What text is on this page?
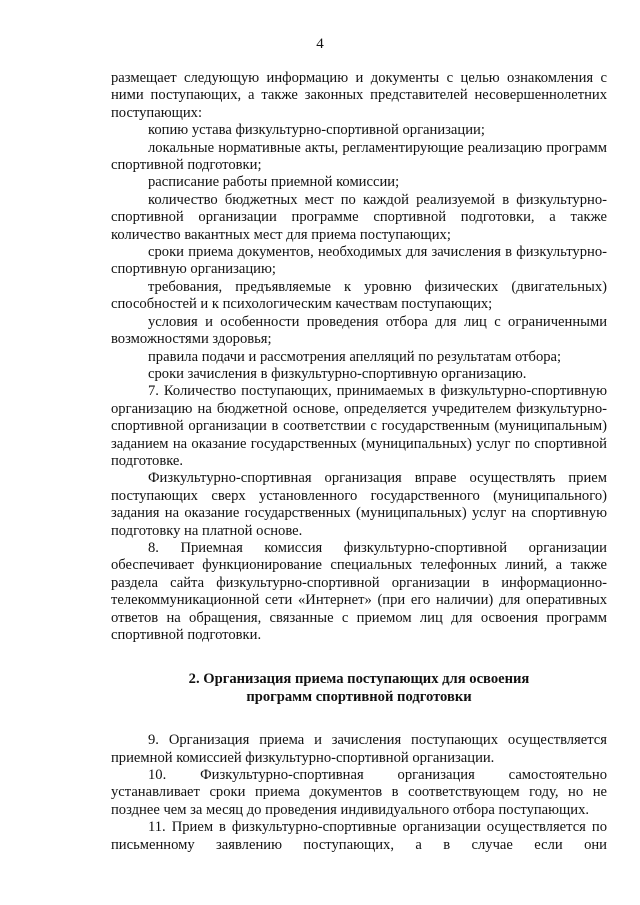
4

размещает следующую информацию и документы с целью ознакомления с ними поступающих, а также законных представителей несовершеннолетних поступающих:

копию устава физкультурно-спортивной организации;

локальные нормативные акты, регламентирующие реализацию программ спортивной подготовки;

расписание работы приемной комиссии;

количество бюджетных мест по каждой реализуемой в физкультурно-спортивной организации программе спортивной подготовки, а также количество вакантных мест для приема поступающих;

сроки приема документов, необходимых для зачисления в физкультурно-спортивную организацию;

требования, предъявляемые к уровню физических (двигательных) способностей и к психологическим качествам поступающих;

условия и особенности проведения отбора для лиц с ограниченными возможностями здоровья;

правила подачи и рассмотрения апелляций по результатам отбора;

сроки зачисления в физкультурно-спортивную организацию.

7. Количество поступающих, принимаемых в физкультурно-спортивную организацию на бюджетной основе, определяется учредителем физкультурно-спортивной организации в соответствии с государственным (муниципальным) заданием на оказание государственных (муниципальных) услуг по спортивной подготовке.

Физкультурно-спортивная организация вправе осуществлять прием поступающих сверх установленного государственного (муниципального) задания на оказание государственных (муниципальных) услуг на спортивную подготовку на платной основе.

8. Приемная комиссия физкультурно-спортивной организации обеспечивает функционирование специальных телефонных линий, а также раздела сайта физкультурно-спортивной организации в информационно-телекоммуникационной сети «Интернет» (при его наличии) для оперативных ответов на обращения, связанные с приемом лиц для освоения программ спортивной подготовки.

2. Организация приема поступающих для освоения
программ спортивной подготовки

9. Организация приема и зачисления поступающих осуществляется приемной комиссией физкультурно-спортивной организации.

10. Физкультурно-спортивная организация самостоятельно устанавливает сроки приема документов в соответствующем году, но не позднее чем за месяц до проведения индивидуального отбора поступающих.

11. Прием в физкультурно-спортивные организации осуществляется по письменному заявлению поступающих, а в случае если они
